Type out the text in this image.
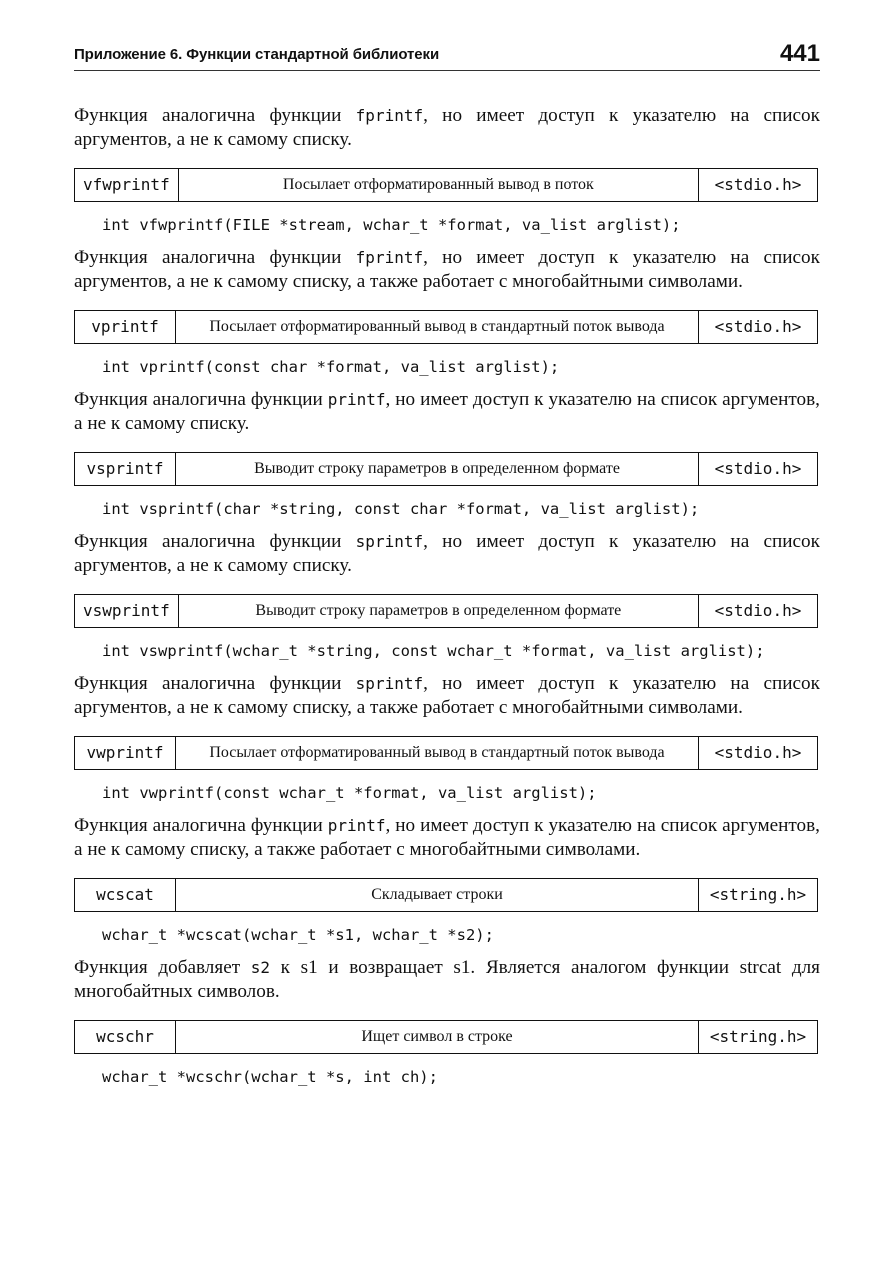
Приложение 6. Функции стандартной библиотеки	441

Функция аналогична функции fprintf, но имеет доступ к указателю на список аргументов, а не к самому списку.

vfwprintf	Посылает отформатированный вывод в поток	<stdio.h>
int vfwprintf(FILE *stream, wchar_t *format, va_list arglist);

Функция аналогична функции fprintf, но имеет доступ к указателю на список аргументов, а не к самому списку, а также работает с многобайтными символами.

vprintf	Посылает отформатированный вывод в стандартный поток вывода	<stdio.h>
int vprintf(const char *format, va_list arglist);

Функция аналогична функции printf, но имеет доступ к указателю на список аргументов, а не к самому списку.

vsprintf	Выводит строку параметров в определенном формате	<stdio.h>
int vsprintf(char *string, const char *format, va_list arglist);

Функция аналогична функции sprintf, но имеет доступ к указателю на список аргументов, а не к самому списку.

vswprintf	Выводит строку параметров в определенном формате	<stdio.h>
int vswprintf(wchar_t *string, const wchar_t *format, va_list arglist);

Функция аналогична функции sprintf, но имеет доступ к указателю на список аргументов, а не к самому списку, а также работает с многобайтными символами.

vwprintf	Посылает отформатированный вывод в стандартный поток вывода	<stdio.h>
int vwprintf(const wchar_t *format, va_list arglist);

Функция аналогична функции printf, но имеет доступ к указателю на список аргументов, а не к самому списку, а также работает с многобайтными символами.

wcscat	Складывает строки	<string.h>
wchar_t *wcscat(wchar_t *s1, wchar_t *s2);

Функция добавляет s2 к s1 и возвращает s1. Является аналогом функции strcat для многобайтных символов.

wcschr	Ищет символ в строке	<string.h>
wchar_t *wcschr(wchar_t *s, int ch);
